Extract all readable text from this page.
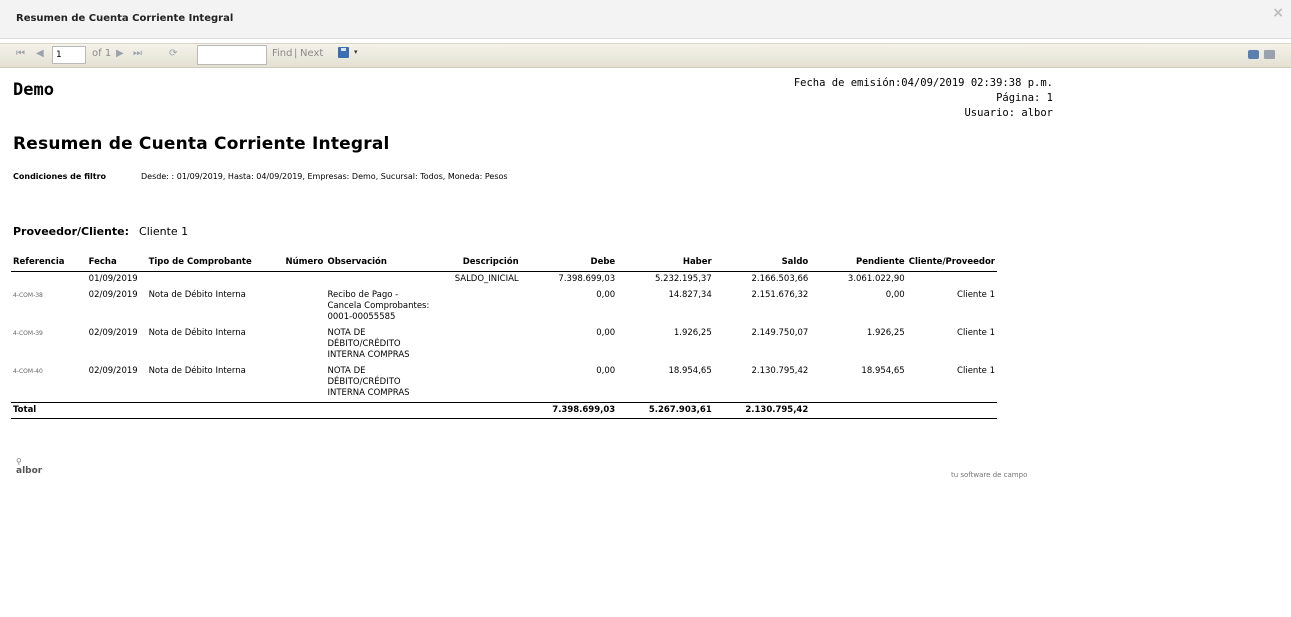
Resumen de Cuenta Corriente Integral	×
⏮ ◀
1	of 1 ▶ ⏭	⟳	Find | Next	▾
Demo	Fecha de emisión:04/09/2019 02:39:38 p.m.
Página: 1
Usuario: albor
Resumen de Cuenta Corriente Integral
Condiciones de filtro	Desde: : 01/09/2019, Hasta: 04/09/2019, Empresas: Demo, Sucursal: Todos, Moneda: Pesos
Proveedor/Cliente: Cliente 1
Referencia	Fecha	Tipo de Comprobante	Número	Observación	Descripción	Debe	Haber	Saldo	Pendiente	Cliente/Proveedor
	01/09/2019				SALDO_INICIAL	7.398.699,03	5.232.195,37	2.166.503,66	3.061.022,90	
4-COM-38	02/09/2019	Nota de Débito Interna		Recibo de Pago - Cancela Comprobantes: 0001-00055585		0,00	14.827,34	2.151.676,32	0,00	Cliente 1
4-COM-39	02/09/2019	Nota de Débito Interna		NOTA DE DÉBITO/CRÉDITO INTERNA COMPRAS		0,00	1.926,25	2.149.750,07	1.926,25	Cliente 1
4-COM-40	02/09/2019	Nota de Débito Interna		NOTA DE DÉBITO/CRÉDITO INTERNA COMPRAS		0,00	18.954,65	2.130.795,42	18.954,65	Cliente 1
Total						7.398.699,03	5.267.903,61	2.130.795,42		
⚲
albor	tu software de campo
